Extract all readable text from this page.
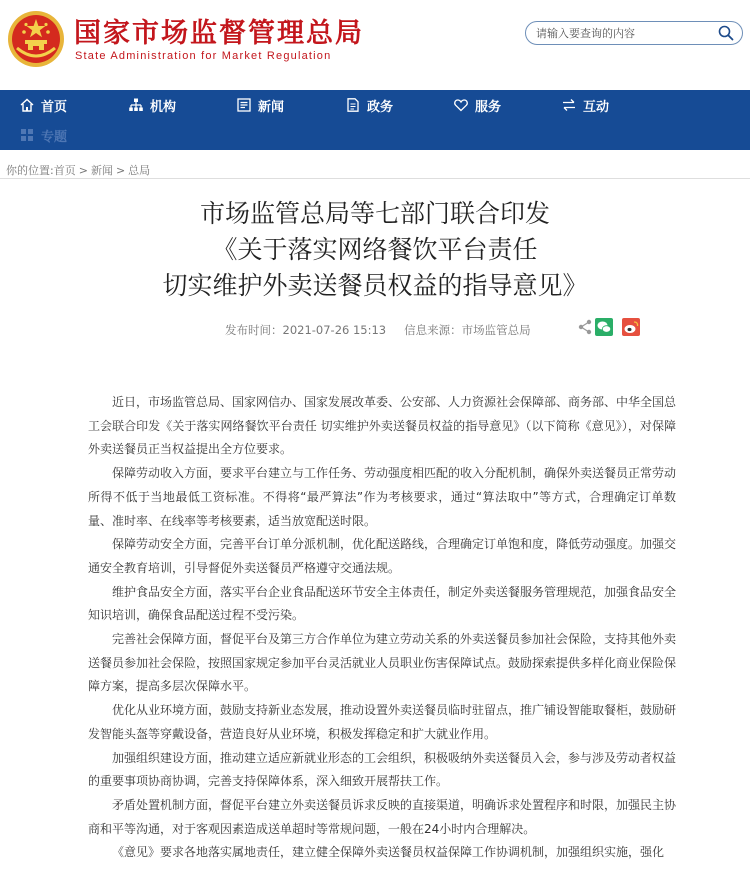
国家市场监督管理总局
State Administration for Market Regulation
请输入要查询的内容
首页	机构	新闻	政务	服务	互动
专题
你的位置:首页 > 新闻 > 总局
市场监管总局等七部门联合印发
《关于落实网络餐饮平台责任
切实维护外卖送餐员权益的指导意见》
发布时间：2021-07-26 15:13 信息来源：市场监管总局

近日，市场监管总局、国家网信办、国家发展改革委、公安部、人力资源社会保障部、商务部、中华全国总工会联合印发《关于落实网络餐饮平台责任 切实维护外卖送餐员权益的指导意见》（以下简称《意见》），对保障外卖送餐员正当权益提出全方位要求。

保障劳动收入方面，要求平台建立与工作任务、劳动强度相匹配的收入分配机制，确保外卖送餐员正常劳动所得不低于当地最低工资标准。不得将“最严算法”作为考核要求，通过“算法取中”等方式，合理确定订单数量、准时率、在线率等考核要素，适当放宽配送时限。

保障劳动安全方面，完善平台订单分派机制，优化配送路线，合理确定订单饱和度，降低劳动强度。加强交通安全教育培训，引导督促外卖送餐员严格遵守交通法规。

维护食品安全方面，落实平台企业食品配送环节安全主体责任，制定外卖送餐服务管理规范，加强食品安全知识培训，确保食品配送过程不受污染。

完善社会保障方面，督促平台及第三方合作单位为建立劳动关系的外卖送餐员参加社会保险，支持其他外卖送餐员参加社会保险，按照国家规定参加平台灵活就业人员职业伤害保障试点。鼓励探索提供多样化商业保险保障方案，提高多层次保障水平。

优化从业环境方面，鼓励支持新业态发展，推动设置外卖送餐员临时驻留点，推广铺设智能取餐柜，鼓励研发智能头盔等穿戴设备，营造良好从业环境，积极发挥稳定和扩大就业作用。

加强组织建设方面，推动建立适应新就业形态的工会组织，积极吸纳外卖送餐员入会，参与涉及劳动者权益的重要事项协商协调，完善支持保障体系，深入细致开展帮扶工作。

矛盾处置机制方面，督促平台建立外卖送餐员诉求反映的直接渠道，明确诉求处置程序和时限，加强民主协商和平等沟通，对于客观因素造成送单超时等常规问题，一般在24小时内合理解决。

《意见》要求各地落实属地责任，建立健全保障外卖送餐员权益保障工作协调机制，加强组织实施，强化
